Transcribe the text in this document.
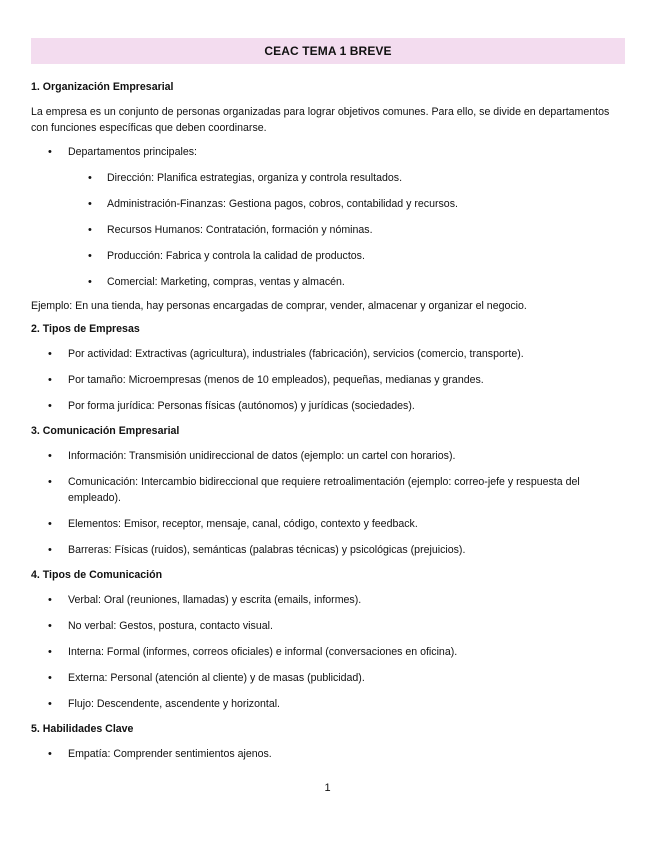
CEAC TEMA 1 BREVE
1. Organización Empresarial
La empresa es un conjunto de personas organizadas para lograr objetivos comunes. Para ello, se divide en departamentos con funciones específicas que deben coordinarse.
• Departamentos principales:
• Dirección: Planifica estrategias, organiza y controla resultados.
• Administración-Finanzas: Gestiona pagos, cobros, contabilidad y recursos.
• Recursos Humanos: Contratación, formación y nóminas.
• Producción: Fabrica y controla la calidad de productos.
• Comercial: Marketing, compras, ventas y almacén.
Ejemplo: En una tienda, hay personas encargadas de comprar, vender, almacenar y organizar el negocio.
2. Tipos de Empresas
• Por actividad: Extractivas (agricultura), industriales (fabricación), servicios (comercio, transporte).
• Por tamaño: Microempresas (menos de 10 empleados), pequeñas, medianas y grandes.
• Por forma jurídica: Personas físicas (autónomos) y jurídicas (sociedades).
3. Comunicación Empresarial
• Información: Transmisión unidireccional de datos (ejemplo: un cartel con horarios).
• Comunicación: Intercambio bidireccional que requiere retroalimentación (ejemplo: correo-jefe y respuesta del empleado).
• Elementos: Emisor, receptor, mensaje, canal, código, contexto y feedback.
• Barreras: Físicas (ruidos), semánticas (palabras técnicas) y psicológicas (prejuicios).
4. Tipos de Comunicación
• Verbal: Oral (reuniones, llamadas) y escrita (emails, informes).
• No verbal: Gestos, postura, contacto visual.
• Interna: Formal (informes, correos oficiales) e informal (conversaciones en oficina).
• Externa: Personal (atención al cliente) y de masas (publicidad).
• Flujo: Descendente, ascendente y horizontal.
5. Habilidades Clave
• Empatía: Comprender sentimientos ajenos.
1
